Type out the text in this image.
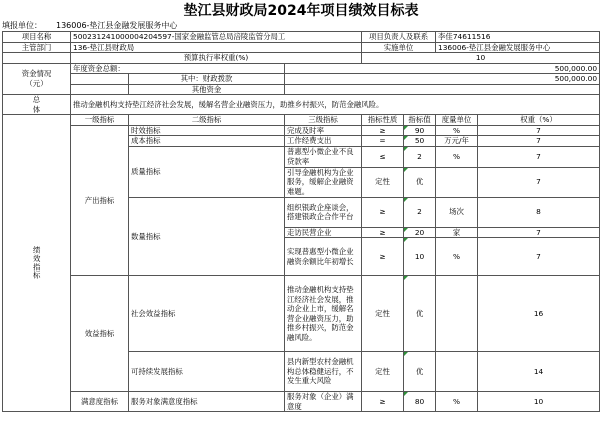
垫江县财政局2024年项目绩效目标表
填报单位： 136006-垫江县金融发展服务中心
项目名称	500231241000004204597-国家金融监管总局涪陵监管分局工			项目负责人及联系		李佳74611516	
主管部门	136-垫江县财政局			实施单位		136006-垫江县金融发展服务中心	
	预算执行率权重(%)			10			
资金情况
（元）	年度资金总额：		500,000.00				
		其中：财政拨款	500,000.00				
		其他资金					
总
体	推动金融机构支持垫江经济社会发展，缓解名营企业融资压力，助推乡村振兴，防范金融风险。						

绩效指标	一级指标	二级指标	三级指标	指标性质	指标值	度量单位	权重（%）
	产出指标	时效指标	完成及时率	≥	90	%	7
		成本指标	工作经费支出	=	50	万元/年	7
		质量指标	普惠型小微企业不良贷款率	≤	2	%	7
			引导金融机构为企业服务，缓解企业融资难题。	定性	优		7
		数量指标	组织银政企座谈会，搭建银政企合作平台	≥	2	场次	8
			走访民营企业	≥	20	家	7
			实现普惠型小微企业融资余额比年初增长	≥	10	%	7
	效益指标	社会效益指标	推动金融机构支持垫江经济社会发展，推动企业上市，缓解名营企业融资压力，助推乡村振兴，防范金融风险。	定性	优		16
		可持续发展指标	县内新型农村金融机构总体稳健运行，不发生重大风险	定性	优		14
	满意度指标	服务对象满意度指标	服务对象（企业）满意度	≥	80	%	10
